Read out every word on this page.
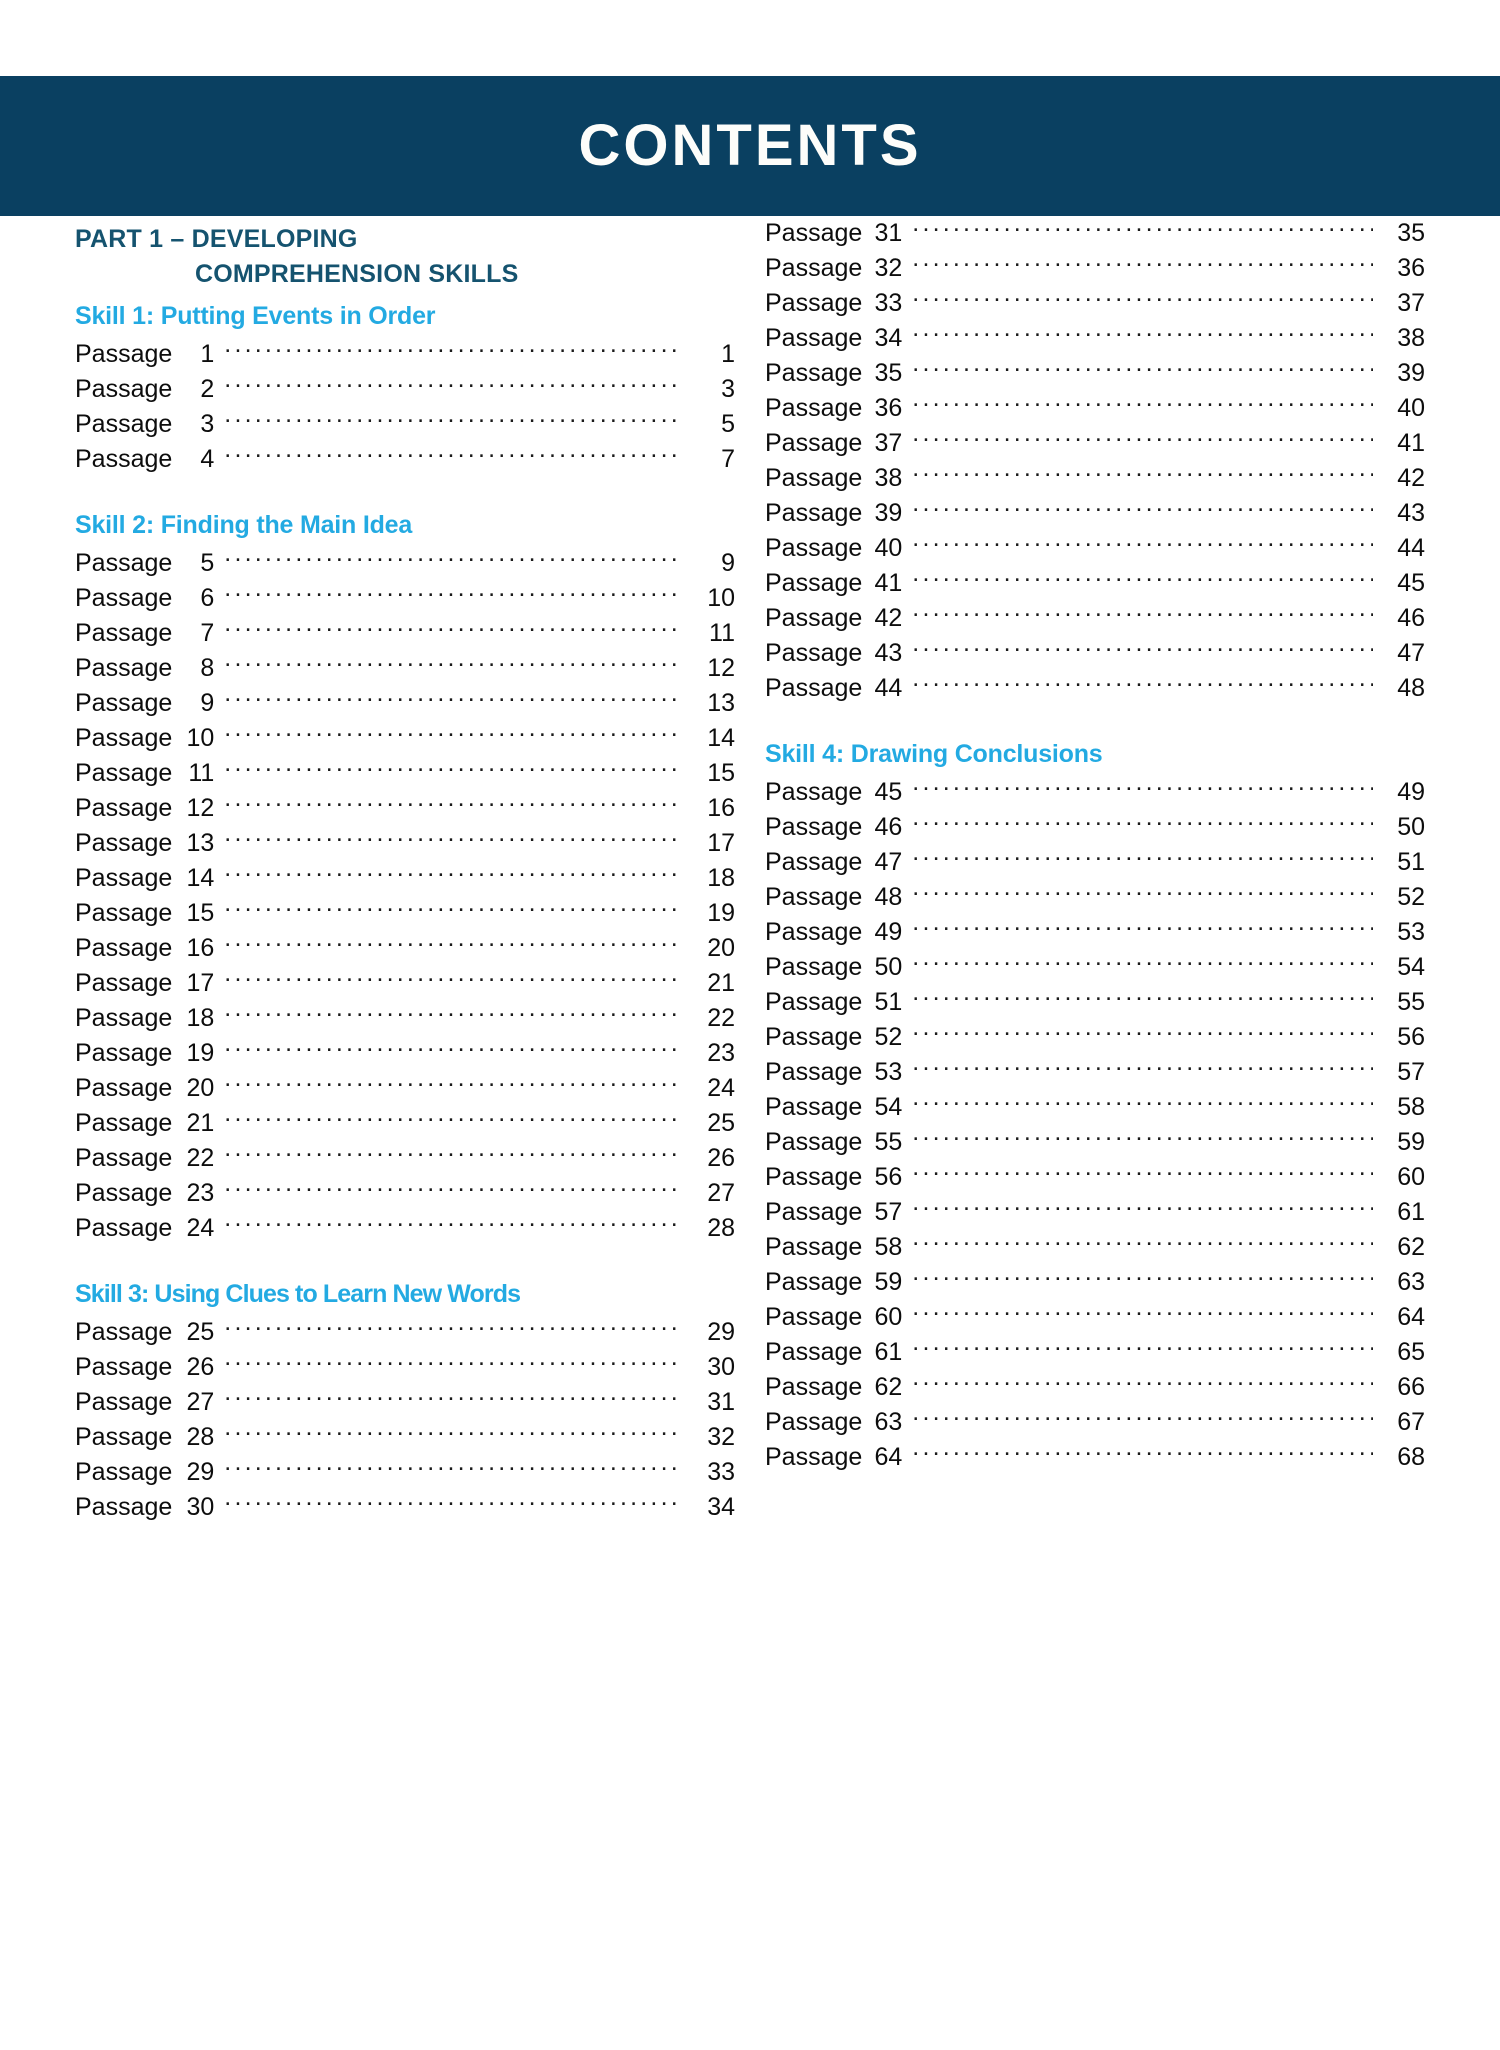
CONTENTS
PART 1 – DEVELOPING
COMPREHENSION SKILLS
Skill 1: Putting Events in Order
Passage	1 .....	1
Passage	2 .....	3
Passage	3 .....	5
Passage	4 .....	7
Skill 2: Finding the Main Idea
Passage	5 .....	9
Passage	6 .....	10
Passage	7 .....	11
Passage	8 .....	12
Passage	9 .....	13
Passage 10 .....	14
Passage 11 .....	15
Passage 12 .....	16
Passage 13 .....	17
Passage 14 .....	18
Passage 15 .....	19
Passage 16 .....	20
Passage 17 .....	21
Passage 18 .....	22
Passage 19 .....	23
Passage 20 .....	24
Passage 21 .....	25
Passage 22 .....	26
Passage 23 .....	27
Passage 24 .....	28
Skill 3: Using Clues to Learn New Words
Passage 25 .....	29
Passage 26 .....	30
Passage 27 .....	31
Passage 28 .....	32
Passage 29 .....	33
Passage 30 .....	34
Passage 31 .....	35
Passage 32 .....	36
Passage 33 .....	37
Passage 34 .....	38
Passage 35 .....	39
Passage 36 .....	40
Passage 37 .....	41
Passage 38 .....	42
Passage 39 .....	43
Passage 40 .....	44
Passage 41 .....	45
Passage 42 .....	46
Passage 43 .....	47
Passage 44 .....	48
Skill 4: Drawing Conclusions
Passage 45 .....	49
Passage 46 .....	50
Passage 47 .....	51
Passage 48 .....	52
Passage 49 .....	53
Passage 50 .....	54
Passage 51 .....	55
Passage 52 .....	56
Passage 53 .....	57
Passage 54 .....	58
Passage 55 .....	59
Passage 56 .....	60
Passage 57 .....	61
Passage 58 .....	62
Passage 59 .....	63
Passage 60 .....	64
Passage 61 .....	65
Passage 62 .....	66
Passage 63 .....	67
Passage 64 .....	68
